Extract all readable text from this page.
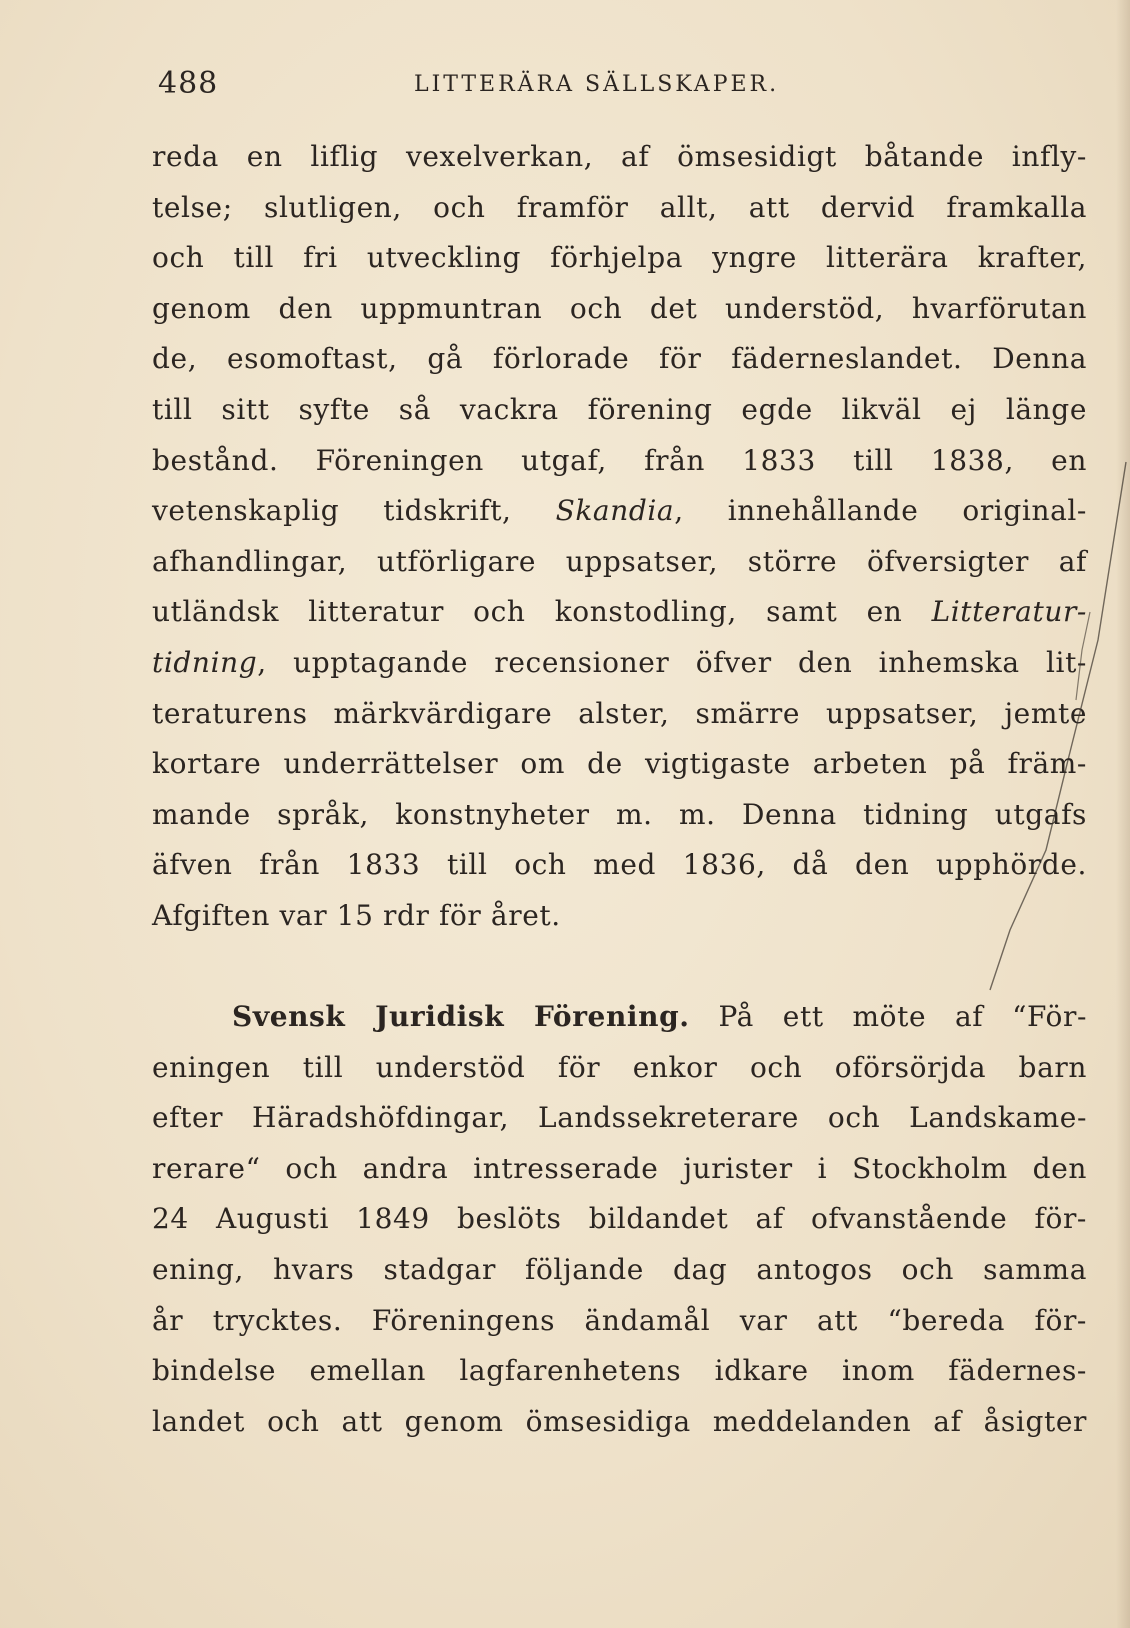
488	LITTERÄRA SÄLLSKAPER.
reda en liflig vexelverkan, af ömsesidigt båtande infly-
telse; slutligen, och framför allt, att dervid framkalla
och till fri utveckling förhjelpa yngre litterära krafter,
genom den uppmuntran och det understöd, hvarförutan
de, esomoftast, gå förlorade för fäderneslandet. Denna
till sitt syfte så vackra förening egde likväl ej länge
bestånd. Föreningen utgaf, från 1833 till 1838, en
vetenskaplig tidskrift, Skandia, innehållande original-
afhandlingar, utförligare uppsatser, större öfversigter af
utländsk litteratur och konstodling, samt en Litteratur-
tidning, upptagande recensioner öfver den inhemska lit-
teraturens märkvärdigare alster, smärre uppsatser, jemte
kortare underrättelser om de vigtigaste arbeten på främ-
mande språk, konstnyheter m. m. Denna tidning utgafs
äfven från 1833 till och med 1836, då den upphörde.
Afgiften var 15 rdr för året.
Svensk Juridisk Förening. På ett möte af “För-
eningen till understöd för enkor och oförsörjda barn
efter Häradshöfdingar, Landssekreterare och Landskame-
rerare“ och andra intresserade jurister i Stockholm den
24 Augusti 1849 beslöts bildandet af ofvanstående för-
ening, hvars stadgar följande dag antogos och samma
år trycktes. Föreningens ändamål var att “bereda för-
bindelse emellan lagfarenhetens idkare inom fädernes-
landet och att genom ömsesidiga meddelanden af åsigter
